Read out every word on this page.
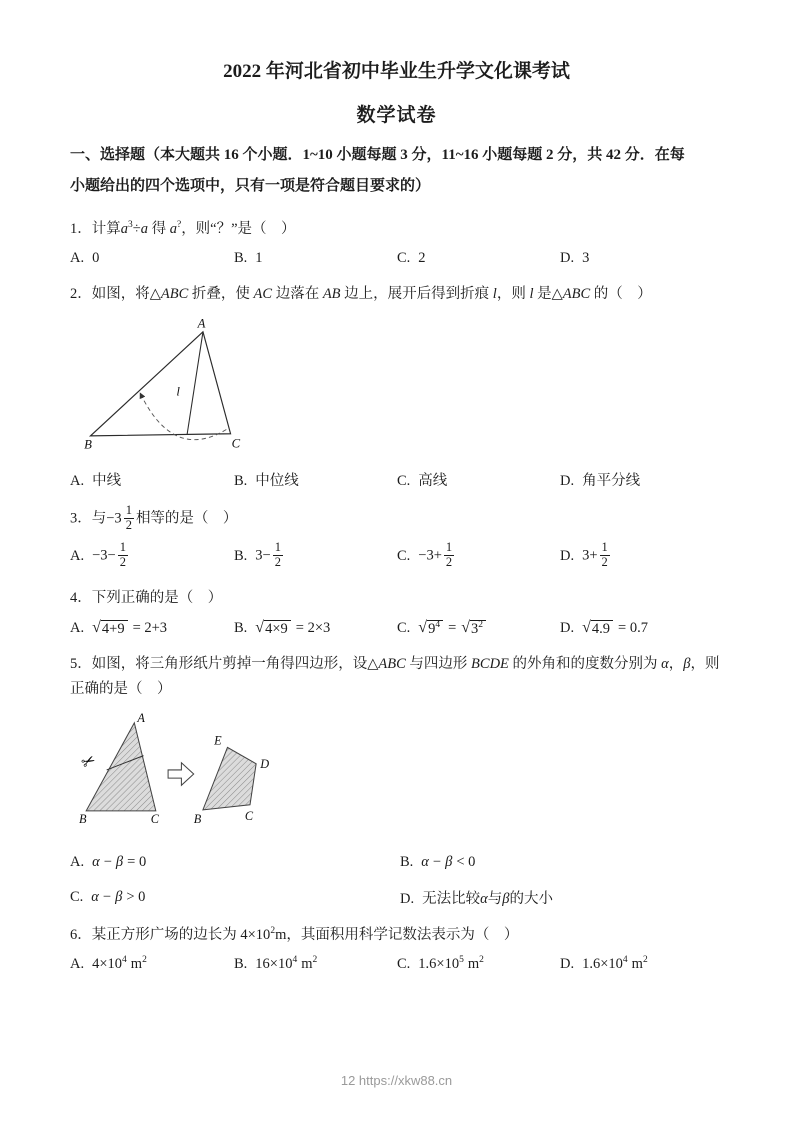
2022 年河北省初中毕业生升学文化课考试
数学试卷
一、选择题（本大题共 16 个小题．1~10 小题每题 3 分，11~16 小题每题 2 分，共 42 分．在每
小题给出的四个选项中，只有一项是符合题目要求的）
1．计算$a^3\div a$ 得 a?，则“？”是（　）
A. 0	B. 1	C. 2	D. 3
2．如图，将△ABC 折叠，使 AC 边落在 AB 边上，展开后得到折痕 l，则 l 是△ABC 的（　）
A
B	C
l
A. 中线	B. 中位线	C. 高线	D. 角平分线
3．与$-3 \frac{1}{2}$ 相等的是（　）
A. $-3- \frac{1}{2}$	B. $3- \frac{1}{2}$	C. $-3+ \frac{1}{2}$	D. $3+ \frac{1}{2}$
4．下列正确的是（　）
A. √4+9 = 2+3	B. √4×9 = 2×3	C. $√9^4 = √3^2$	D. √4.9 = 0.7
5．如图，将三角形纸片剪掉一角得四边形，设△ABC 与四边形 BCDE 的外角和的度数分别为 α，β，则正确的是（　）
✂
A
B	C
E
D
B	C
A. α − β = 0	B. α − β < 0
C. α − β > 0	D. 无法比较α与β的大小
6．某正方形广场的边长为 $4\times 10^2m$，其面积用科学记数法表示为（　）
A. $4\times 10^4$ $m^2$	B. $16\times 10^4$ $m^2$	C. $1.6\times 10^5$ $m^2$	D. $1.6\times 10^4$ $m^2$
12 https://xkw88.cn
